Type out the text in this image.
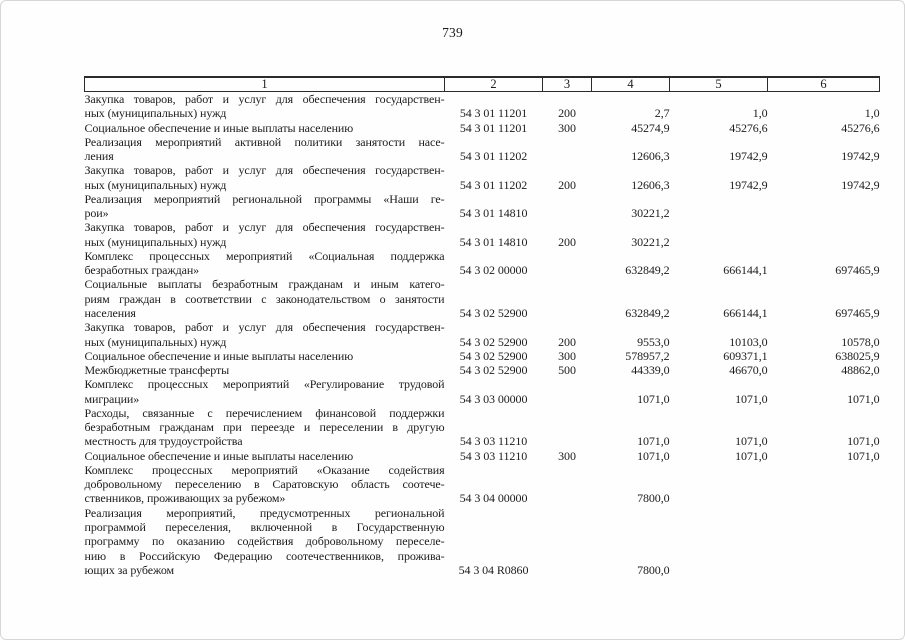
739
1	2	3	4	5	6

Закупка товаров, работ и услуг для обеспечения государствен-
ных (муниципальных) нужд	54 3 01 11201	200	2,7	1,0	1,0

Социальное обеспечение и иные выплаты населению	54 3 01 11201	300	45274,9	45276,6	45276,6

Реализация мероприятий активной политики занятости насе-
ления	54 3 01 11202		12606,3	19742,9	19742,9

Закупка товаров, работ и услуг для обеспечения государствен-
ных (муниципальных) нужд	54 3 01 11202	200	12606,3	19742,9	19742,9

Реализация мероприятий региональной программы «Наши ге-
рои»	54 3 01 14810		30221,2		

Закупка товаров, работ и услуг для обеспечения государствен-
ных (муниципальных) нужд	54 3 01 14810	200	30221,2		

Комплекс процессных мероприятий «Социальная поддержка
безработных граждан»	54 3 02 00000		632849,2	666144,1	697465,9

Социальные выплаты безработным гражданам и иным катего-
риям граждан в соответствии с законодательством о занятости
населения	54 3 02 52900		632849,2	666144,1	697465,9

Закупка товаров, работ и услуг для обеспечения государствен-
ных (муниципальных) нужд	54 3 02 52900	200	9553,0	10103,0	10578,0

Социальное обеспечение и иные выплаты населению	54 3 02 52900	300	578957,2	609371,1	638025,9

Межбюджетные трансферты	54 3 02 52900	500	44339,0	46670,0	48862,0

Комплекс процессных мероприятий «Регулирование трудовой
миграции»	54 3 03 00000		1071,0	1071,0	1071,0

Расходы, связанные с перечислением финансовой поддержки
безработным гражданам при переезде и переселении в другую
местность для трудоустройства	54 3 03 11210		1071,0	1071,0	1071,0

Социальное обеспечение и иные выплаты населению	54 3 03 11210	300	1071,0	1071,0	1071,0

Комплекс процессных мероприятий «Оказание содействия
добровольному переселению в Саратовскую область соотече-
ственников, проживающих за рубежом»	54 3 04 00000		7800,0		

Реализация мероприятий, предусмотренных региональной
программой переселения, включенной в Государственную
программу по оказанию содействия добровольному переселе-
нию в Российскую Федерацию соотечественников, прожива-
ющих за рубежом	54 3 04 R0860		7800,0		
